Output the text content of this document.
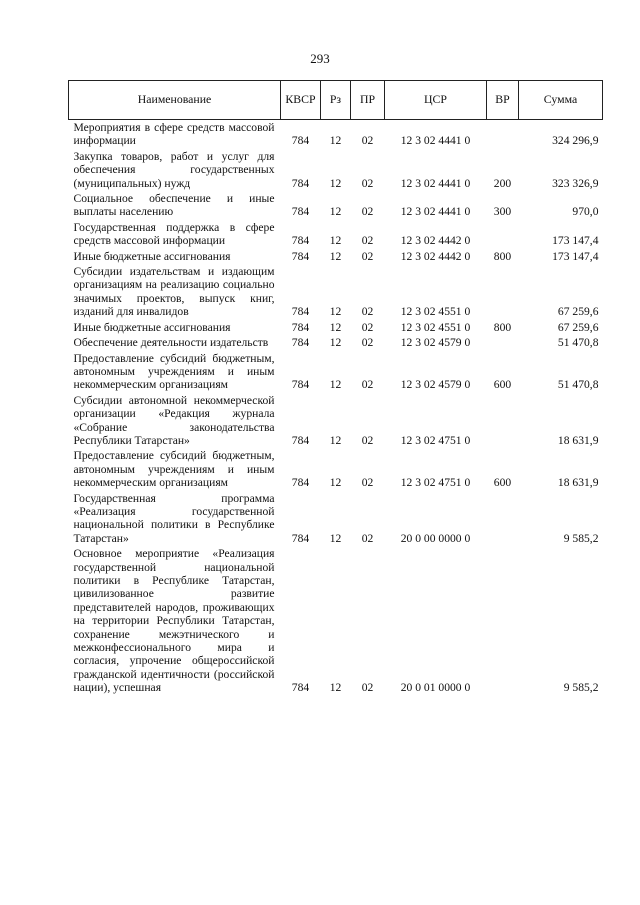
293
Наименование	КВСР	Рз	ПР	ЦСР	ВР	Сумма
Мероприятия в сфере средств массовой информации	784	12	02	12 3 02 4441 0		324 296,9
Закупка товаров, работ и услуг для обеспечения государственных (муниципальных) нужд	784	12	02	12 3 02 4441 0	200	323 326,9
Социальное обеспечение и иные выплаты населению	784	12	02	12 3 02 4441 0	300	970,0
Государственная поддержка в сфере средств массовой информации	784	12	02	12 3 02 4442 0		173 147,4
Иные бюджетные ассигнования	784	12	02	12 3 02 4442 0	800	173 147,4
Субсидии издательствам и издающим организациям на реализацию социально значимых проектов, выпуск книг, изданий для инвалидов	784	12	02	12 3 02 4551 0		67 259,6
Иные бюджетные ассигнования	784	12	02	12 3 02 4551 0	800	67 259,6
Обеспечение деятельности издательств	784	12	02	12 3 02 4579 0		51 470,8
Предоставление субсидий бюджетным, автономным учреждениям и иным некоммерческим организациям	784	12	02	12 3 02 4579 0	600	51 470,8
Субсидии автономной некоммерческой организации «Редакция журнала «Собрание законодательства Республики Татарстан»	784	12	02	12 3 02 4751 0		18 631,9
Предоставление субсидий бюджетным, автономным учреждениям и иным некоммерческим организациям	784	12	02	12 3 02 4751 0	600	18 631,9
Государственная программа «Реализация государственной национальной политики в Республике Татарстан»	784	12	02	20 0 00 0000 0		9 585,2
Основное мероприятие «Реализация государственной национальной политики в Республике Татарстан, цивилизованное развитие представителей народов, проживающих на территории Республики Татарстан, сохранение межэтнического и межконфессионального мира и согласия, упрочение общероссийской гражданской идентичности (российской нации), успешная	784	12	02	20 0 01 0000 0		9 585,2
